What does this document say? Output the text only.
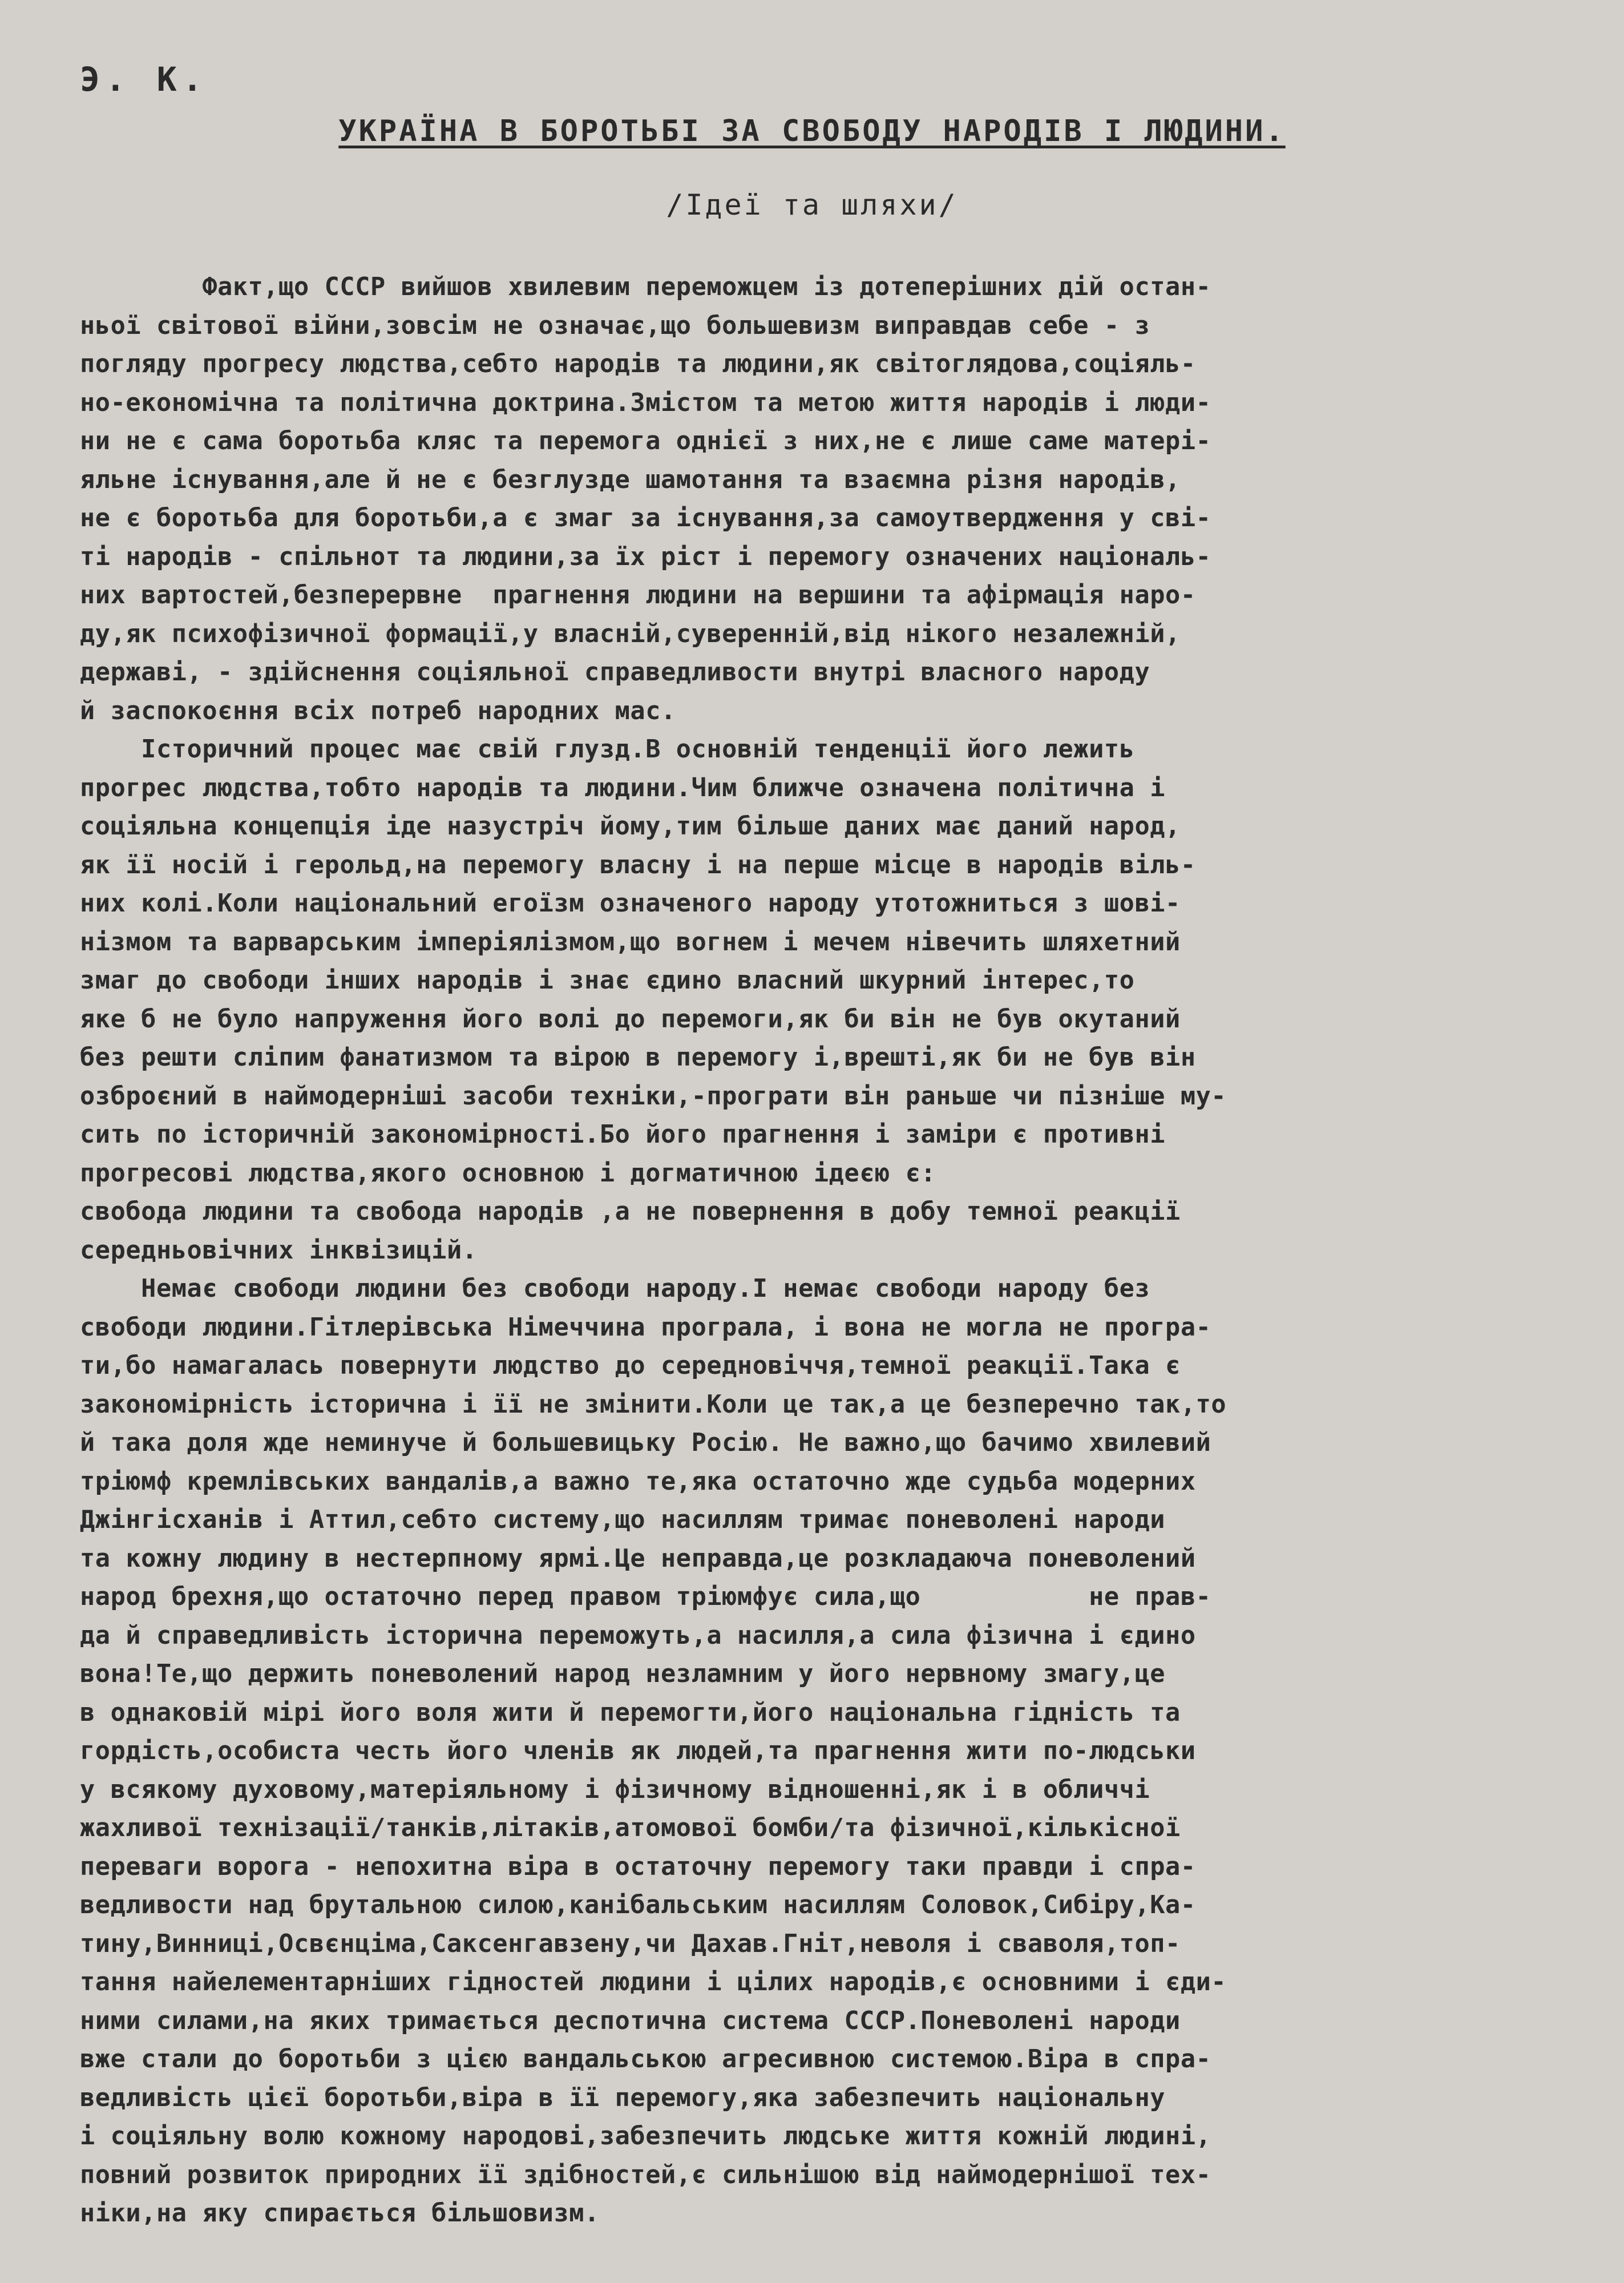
Э. К.
УКРАЇНА В БОРОТЬБІ ЗА СВОБОДУ НАРОДІВ І ЛЮДИНИ.
/Ідеї та шляхи/

Факт,що СССР вийшов хвилевим переможцем із дотеперішних дій остан-

ньої світової війни,зовсім не означає,що большевизм виправдав себе - з

погляду прогресу людства,себто народів та людини,як світоглядова,соціяль-

но-економічна та політична доктрина.Змістом та метою життя народів і люди-

ни не є сама боротьба кляс та перемога однієї з них,не є лише саме матері-

яльне існування,але й не є безглузде шамотання та взаємна різня народів,

не є боротьба для боротьби,а є змаг за існування,за самоутвердження у сві-

ті народів - спільнот та людини,за їх ріст і перемогу означених національ-

них вартостей,безперервне  прагнення людини на вершини та афірмація наро-

ду,як психофізичної формації,у власній,суверенній,від нікого незалежній,

державі, - здійснення соціяльної справедливости внутрі власного народу

й заспокоєння всіх потреб народних мас.

Історичний процес має свій глузд.В основній тенденції його лежить

прогрес людства,тобто народів та людини.Чим ближче означена політична і

соціяльна концепція іде назустріч йому,тим більше даних має даний народ,

як її носій і герольд,на перемогу власну і на перше місце в народів віль-

них колі.Коли національний егоїзм означеного народу утотожниться з шові-

нізмом та варварським імперіялізмом,що вогнем і мечем нівечить шляхетний

змаг до свободи інших народів і знає єдино власний шкурний інтерес,то

яке б не було напруження його волі до перемоги,як би він не був окутаний

без решти сліпим фанатизмом та вірою в перемогу і,врешті,як би не був він

озброєний в наймодерніші засоби техніки,-програти він раньше чи пізніше му-

сить по історичній закономірності.Бо його прагнення і заміри є противні

прогресові людства,якого основною і догматичною ідеєю є:

свобода людини та свобода народів ,а не повернення в добу темної реакції

середньовічних інквізицій.

Немає свободи людини без свободи народу.І немає свободи народу без

свободи людини.Гітлерівська Німеччина програла, і вона не могла не програ-

ти,бо намагалась повернути людство до середновіччя,темної реакції.Така є

закономірність історична і її не змінити.Коли це так,а це безперечно так,то

й така доля жде неминуче й большевицьку Росію. Не важно,що бачимо хвилевий

тріюмф кремлівських вандалів,а важно те,яка остаточно жде судьба модерних

Джінгісханів і Аттил,себто систему,що насиллям тримає поневолені народи

та кожну людину в нестерпному ярмі.Це неправда,це розкладаюча поневолений

народ брехня,що остаточно перед правом тріюмфує сила,що           не прав-

да й справедливість історична переможуть,а насилля,а сила фізична і єдино

вона!Те,що держить поневолений народ незламним у його нервному змагу,це

в однаковій мірі його воля жити й перемогти,його національна гідність та

гордість,особиста честь його членів як людей,та прагнення жити по-людськи

у всякому духовому,матеріяльному і фізичному відношенні,як і в обличчі

жахливої технізації/танків,літаків,атомової бомби/та фізичної,кількісної

переваги ворога - непохитна віра в остаточну перемогу таки правди і спра-

ведливости над брутальною силою,канібальським насиллям Соловок,Сибіру,Ка-

тину,Винниці,Освєнціма,Саксенгавзену,чи Дахав.Гніт,неволя і сваволя,топ-

тання найелементарніших гідностей людини і цілих народів,є основними і єди-

ними силами,на яких тримається деспотична система СССР.Поневолені народи

вже стали до боротьби з цією вандальською агресивною системою.Віра в спра-

ведливість цієї боротьби,віра в її перемогу,яка забезпечить національну

і соціяльну волю кожному народові,забезпечить людське життя кожній людині,

повний розвиток природних її здібностей,є сильнішою від наймодернішої тех-

ніки,на яку спирається більшовизм.
